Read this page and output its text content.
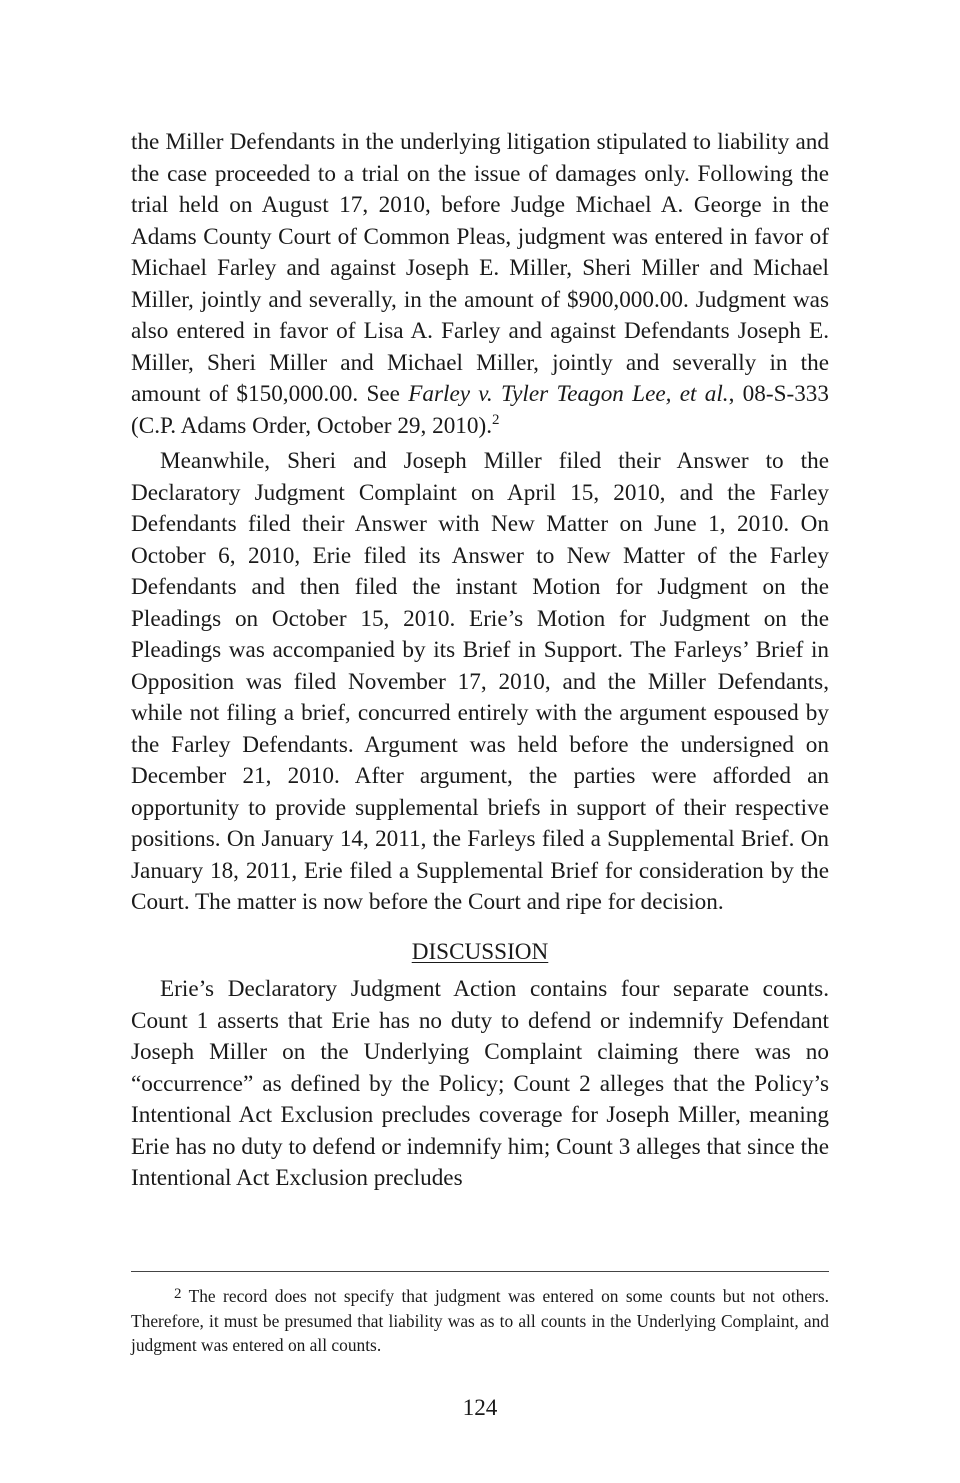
the Miller Defendants in the underlying litigation stipulated to liability and the case proceeded to a trial on the issue of damages only. Following the trial held on August 17, 2010, before Judge Michael A. George in the Adams County Court of Common Pleas, judgment was entered in favor of Michael Farley and against Joseph E. Miller, Sheri Miller and Michael Miller, jointly and severally, in the amount of $900,000.00. Judgment was also entered in favor of Lisa A. Farley and against Defendants Joseph E. Miller, Sheri Miller and Michael Miller, jointly and severally in the amount of $150,000.00. See Farley v. Tyler Teagon Lee, et al., 08-S-333 (C.P. Adams Order, October 29, 2010).$^2$

Meanwhile, Sheri and Joseph Miller filed their Answer to the Declaratory Judgment Complaint on April 15, 2010, and the Farley Defendants filed their Answer with New Matter on June 1, 2010. On October 6, 2010, Erie filed its Answer to New Matter of the Farley Defendants and then filed the instant Motion for Judgment on the Pleadings on October 15, 2010. Erie’s Motion for Judgment on the Pleadings was accompanied by its Brief in Support. The Farleys’ Brief in Opposition was filed November 17, 2010, and the Miller Defendants, while not filing a brief, concurred entirely with the argument espoused by the Farley Defendants. Argument was held before the undersigned on December 21, 2010. After argument, the parties were afforded an opportunity to provide supplemental briefs in support of their respective positions. On January 14, 2011, the Farleys filed a Supplemental Brief. On January 18, 2011, Erie filed a Supplemental Brief for consideration by the Court. The matter is now before the Court and ripe for decision.

DISCUSSION

Erie’s Declaratory Judgment Action contains four separate counts. Count 1 asserts that Erie has no duty to defend or indemnify Defendant Joseph Miller on the Underlying Complaint claiming there was no “occurrence” as defined by the Policy; Count 2 alleges that the Policy’s Intentional Act Exclusion precludes coverage for Joseph Miller, meaning Erie has no duty to defend or indemnify him; Count 3 alleges that since the Intentional Act Exclusion precludes

$^2$ The record does not specify that judgment was entered on some counts but not others. Therefore, it must be presumed that liability was as to all counts in the Underlying Complaint, and judgment was entered on all counts.

124
